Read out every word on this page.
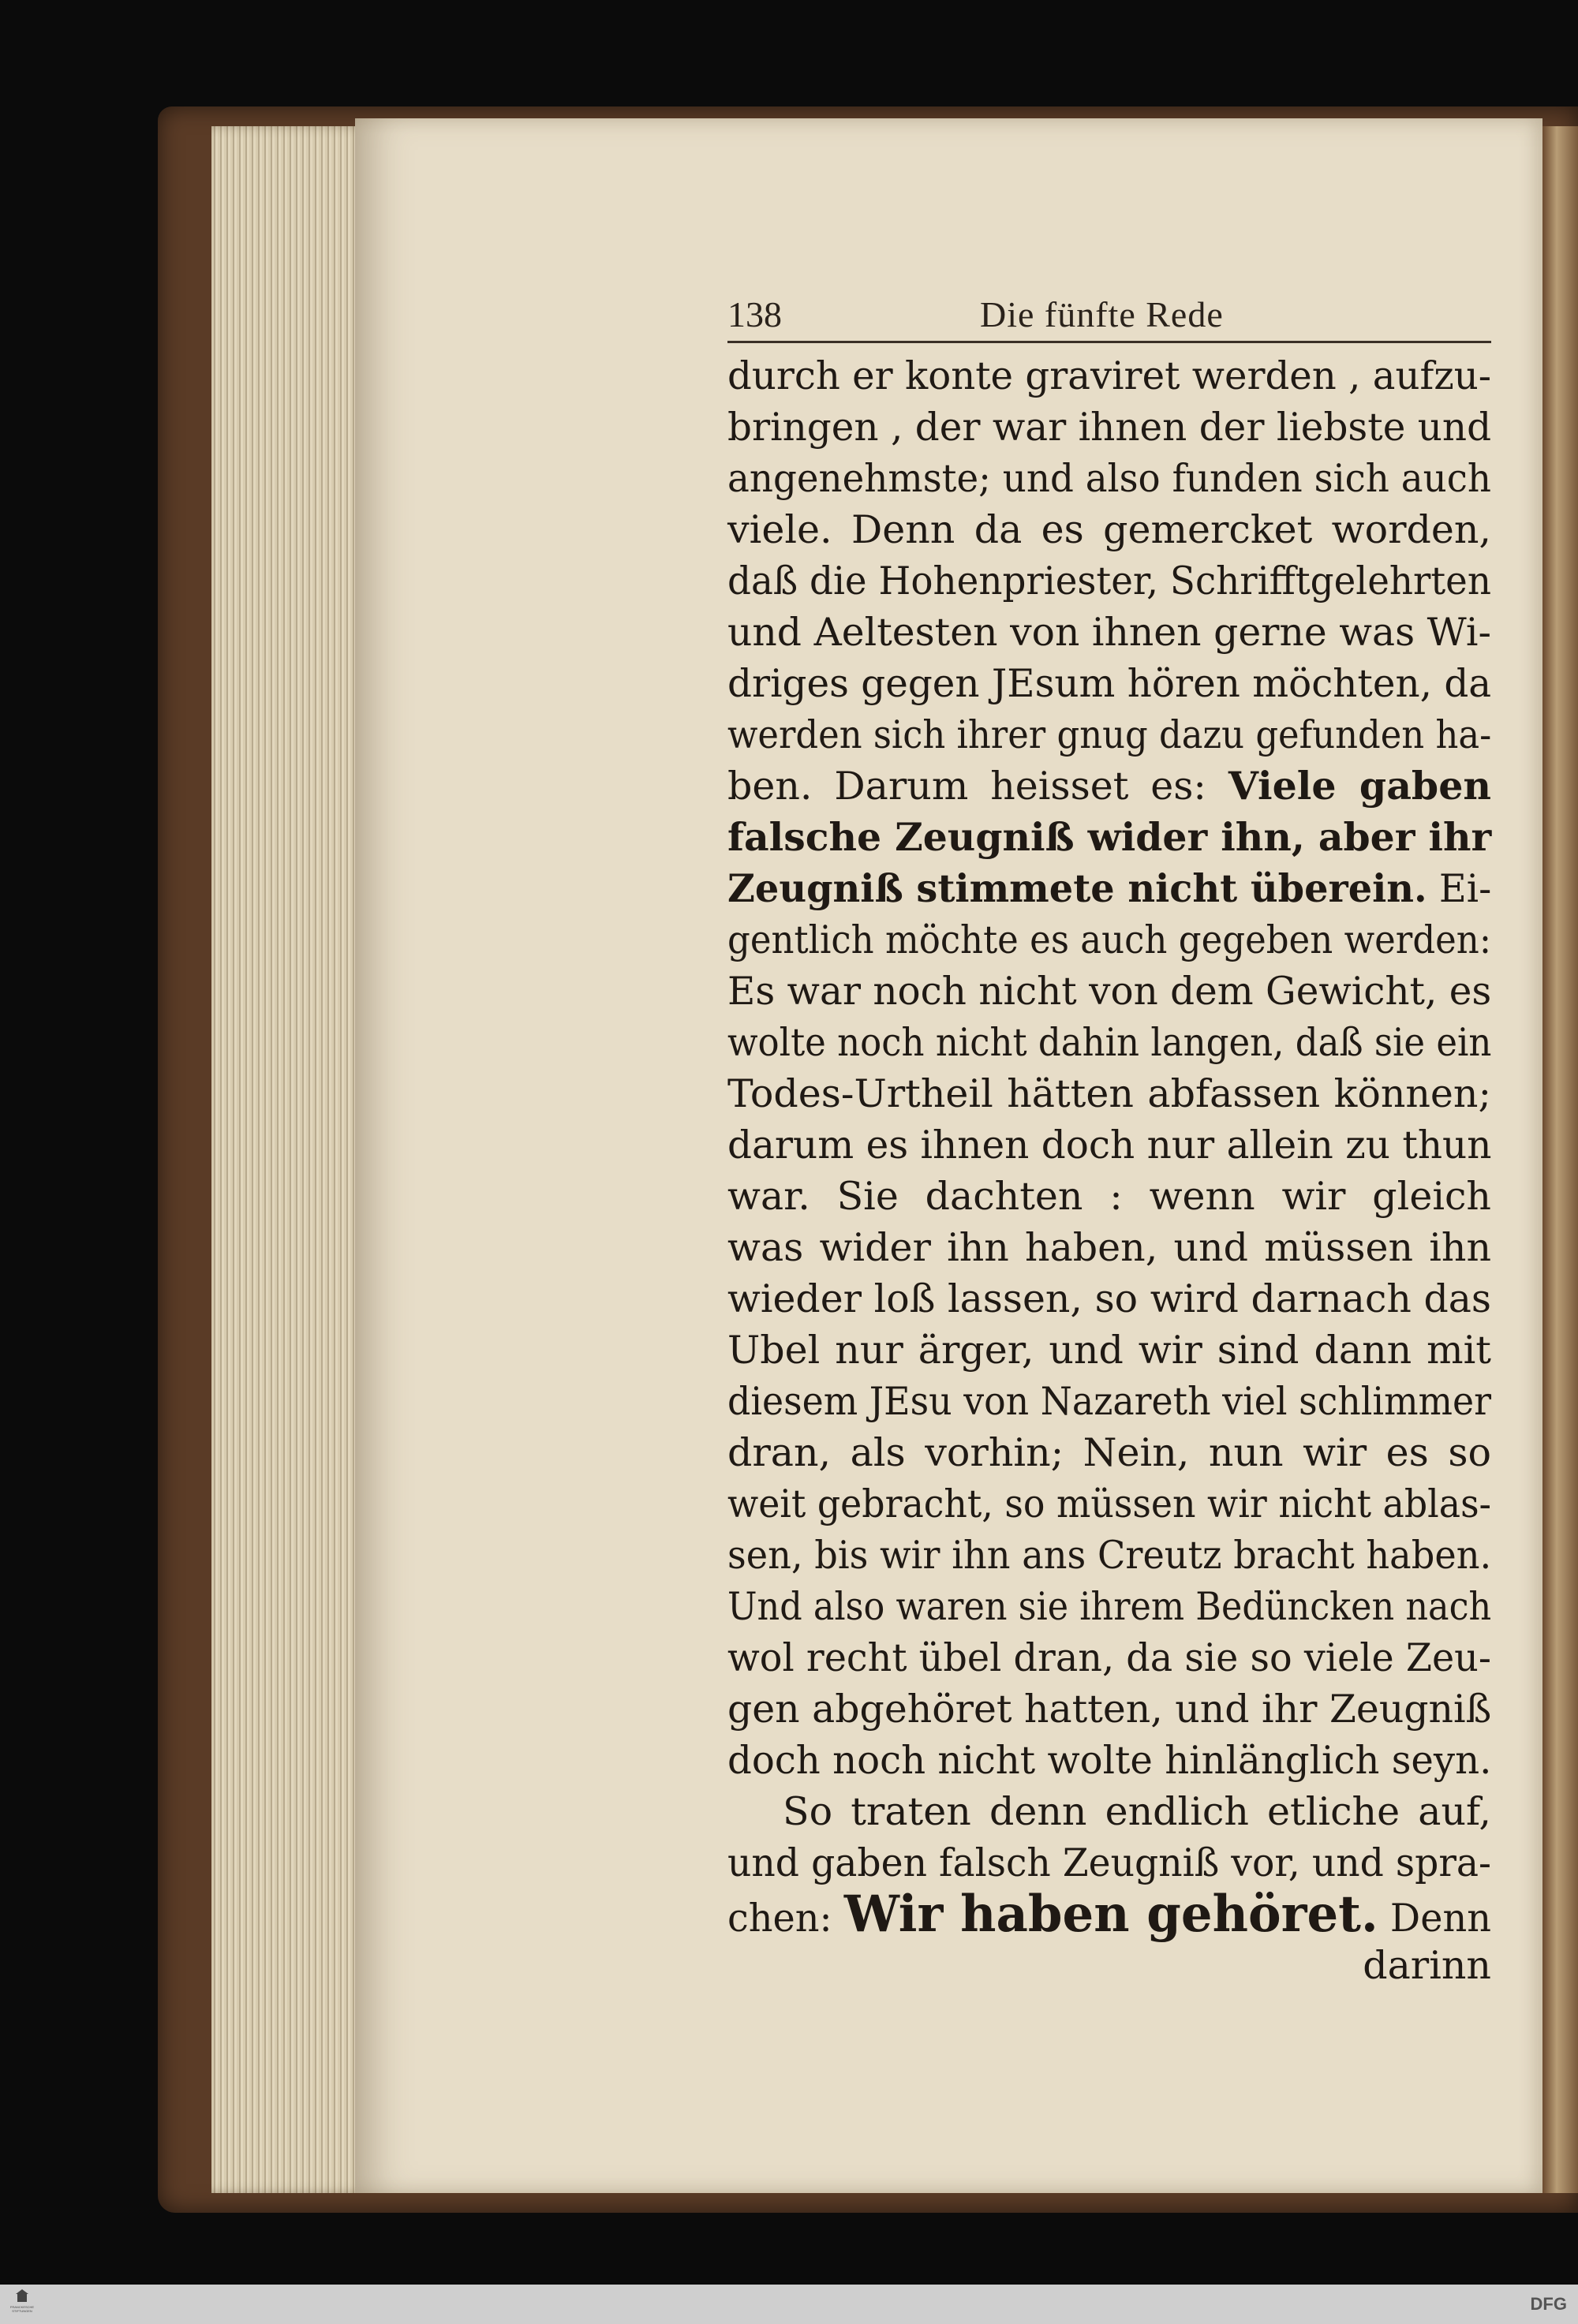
138	Die fünfte Rede
durch er konte graviret werden , aufzu-
bringen , der war ihnen der liebste und
angenehmste; und also funden sich auch
viele. Denn da es gemercket worden,
daß die Hohenpriester, Schrifftgelehrten
und Aeltesten von ihnen gerne was Wi-
driges gegen JEsum hören möchten, da
werden sich ihrer gnug dazu gefunden ha-
ben. Darum heisset es: Viele gaben
falsche Zeugniß wider ihn, aber ihr
Zeugniß stimmete nicht überein. Ei-
gentlich möchte es auch gegeben werden:
Es war noch nicht von dem Gewicht, es
wolte noch nicht dahin langen, daß sie ein
Todes-Urtheil hätten abfassen können;
darum es ihnen doch nur allein zu thun
war. Sie dachten : wenn wir gleich
was wider ihn haben, und müssen ihn
wieder loß lassen, so wird darnach das
Ubel nur ärger, und wir sind dann mit
diesem JEsu von Nazareth viel schlimmer
dran, als vorhin; Nein, nun wir es so
weit gebracht, so müssen wir nicht ablas-
sen, bis wir ihn ans Creutz bracht haben.
Und also waren sie ihrem Bedüncken nach
wol recht übel dran, da sie so viele Zeu-
gen abgehöret hatten, und ihr Zeugniß
doch noch nicht wolte hinlänglich seyn.
So traten denn endlich etliche auf,
und gaben falsch Zeugniß vor, und spra-
chen: Wir haben gehöret. Denn
darinn
FRANCKESCHE STIFTUNGEN	DFG
